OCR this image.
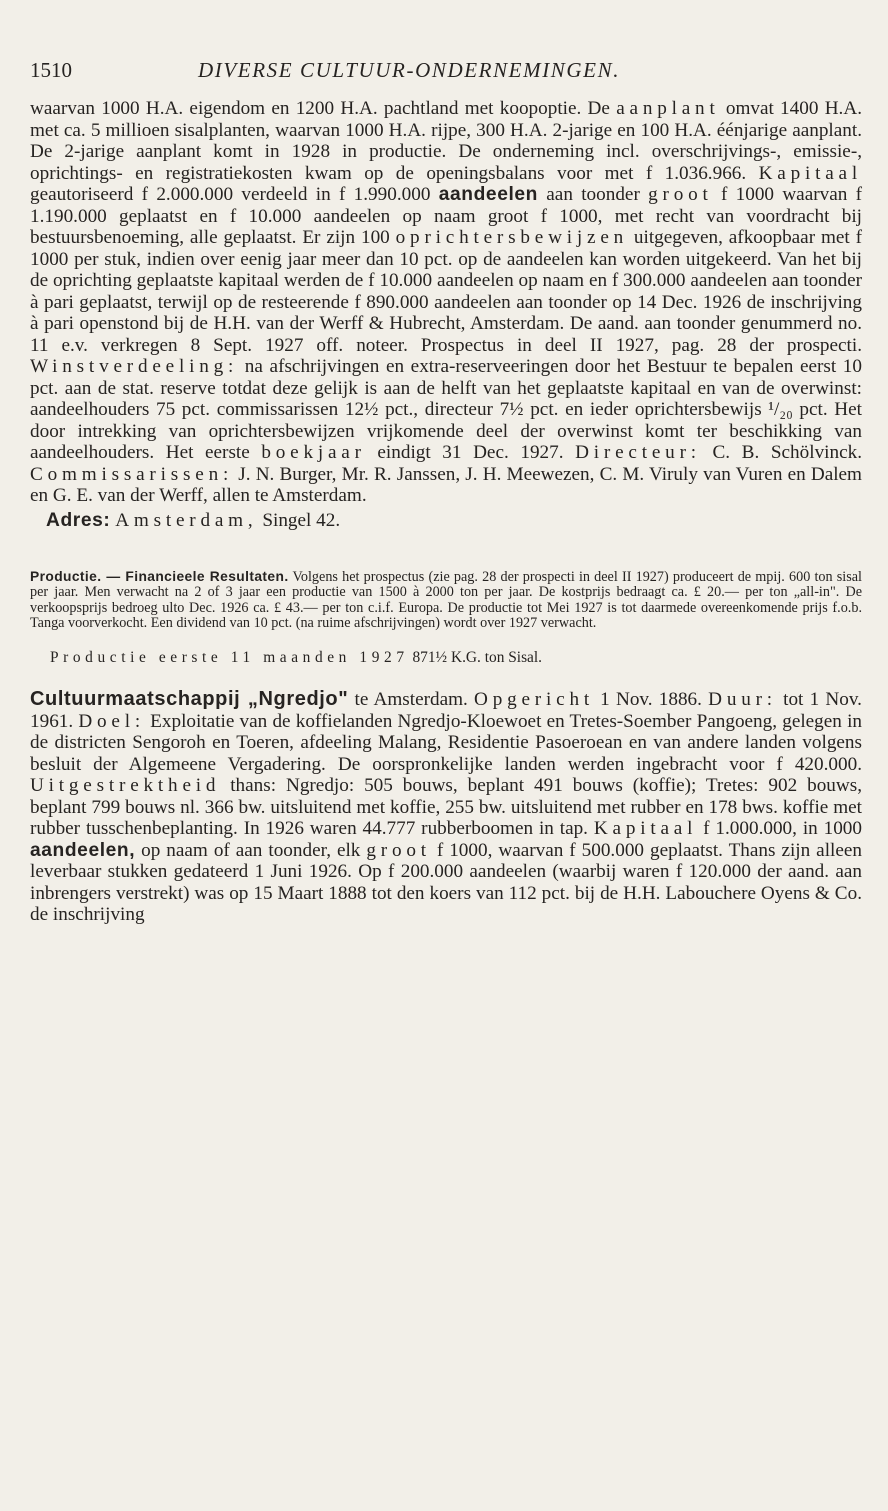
1510	DIVERSE CULTUUR-ONDERNEMINGEN.

waarvan 1000 H.A. eigendom en 1200 H.A. pachtland met koopoptie. De aanplant omvat 1400 H.A. met ca. 5 millioen sisalplanten, waarvan 1000 H.A. rijpe, 300 H.A. 2-jarige en 100 H.A. éénjarige aanplant. De 2-jarige aanplant komt in 1928 in productie. De onderneming incl. overschrijvings-, emissie-, oprichtings- en registratiekosten kwam op de openingsbalans voor met f 1.036.966. Kapitaal geautoriseerd f 2.000.000 verdeeld in f 1.990.000 aandeelen aan toonder groot f 1000 waarvan f 1.190.000 geplaatst en f 10.000 aandeelen op naam groot f 1000, met recht van voordracht bij bestuursbenoeming, alle geplaatst. Er zijn 100 oprichtersbewijzen uitgegeven, afkoopbaar met f 1000 per stuk, indien over eenig jaar meer dan 10 pct. op de aandeelen kan worden uitgekeerd. Van het bij de oprichting geplaatste kapitaal werden de f 10.000 aandeelen op naam en f 300.000 aandeelen aan toonder à pari geplaatst, terwijl op de resteerende f 890.000 aandeelen aan toonder op 14 Dec. 1926 de inschrijving à pari openstond bij de H.H. van der Werff & Hubrecht, Amsterdam. De aand. aan toonder genummerd no. 11 e.v. verkregen 8 Sept. 1927 off. noteer. Prospectus in deel II 1927, pag. 28 der prospecti. Winstverdeeling: na afschrijvingen en extra-reserveeringen door het Bestuur te bepalen eerst 10 pct. aan de stat. reserve totdat deze gelijk is aan de helft van het geplaatste kapitaal en van de overwinst: aandeelhouders 75 pct. commissarissen 12½ pct., directeur 7½ pct. en ieder oprichtersbewijs ¹/₂₀ pct. Het door intrekking van oprichtersbewijzen vrijkomende deel der overwinst komt ter beschikking van aandeelhouders. Het eerste boekjaar eindigt 31 Dec. 1927. Directeur: C. B. Schölvinck. Commissarissen: J. N. Burger, Mr. R. Janssen, J. H. Meewezen, C. M. Viruly van Vuren en Dalem en G. E. van der Werff, allen te Amsterdam.

Adres: Amsterdam, Singel 42.

Productie. — Financieele Resultaten. Volgens het prospectus (zie pag. 28 der prospecti in deel II 1927) produceert de mpij. 600 ton sisal per jaar. Men verwacht na 2 of 3 jaar een productie van 1500 à 2000 ton per jaar. De kostprijs bedraagt ca. £ 20.— per ton „all-in". De verkoopsprijs bedroeg ulto Dec. 1926 ca. £ 43.— per ton c.i.f. Europa. De productie tot Mei 1927 is tot daarmede overeenkomende prijs f.o.b. Tanga voorverkocht. Een dividend van 10 pct. (na ruime afschrijvingen) wordt over 1927 verwacht.

Productie eerste 11 maanden 1927 871½ K.G. ton Sisal.

Cultuurmaatschappij „Ngredjo" te Amsterdam. Opgericht 1 Nov. 1886. Duur: tot 1 Nov. 1961. Doel: Exploitatie van de koffielanden Ngredjo-Kloewoet en Tretes-Soember Pangoeng, gelegen in de districten Sengoroh en Toeren, afdeeling Malang, Residentie Pasoeroean en van andere landen volgens besluit der Algemeene Vergadering. De oorspronkelijke landen werden ingebracht voor f 420.000. Uitgestrektheid thans: Ngredjo: 505 bouws, beplant 491 bouws (koffie); Tretes: 902 bouws, beplant 799 bouws nl. 366 bw. uitsluitend met koffie, 255 bw. uitsluitend met rubber en 178 bws. koffie met rubber tusschenbeplanting. In 1926 waren 44.777 rubberboomen in tap. Kapitaal f 1.000.000, in 1000 aandeelen, op naam of aan toonder, elk groot f 1000, waarvan f 500.000 geplaatst. Thans zijn alleen leverbaar stukken gedateerd 1 Juni 1926. Op f 200.000 aandeelen (waarbij waren f 120.000 der aand. aan inbrengers verstrekt) was op 15 Maart 1888 tot den koers van 112 pct. bij de H.H. Labouchere Oyens & Co. de inschrijving
